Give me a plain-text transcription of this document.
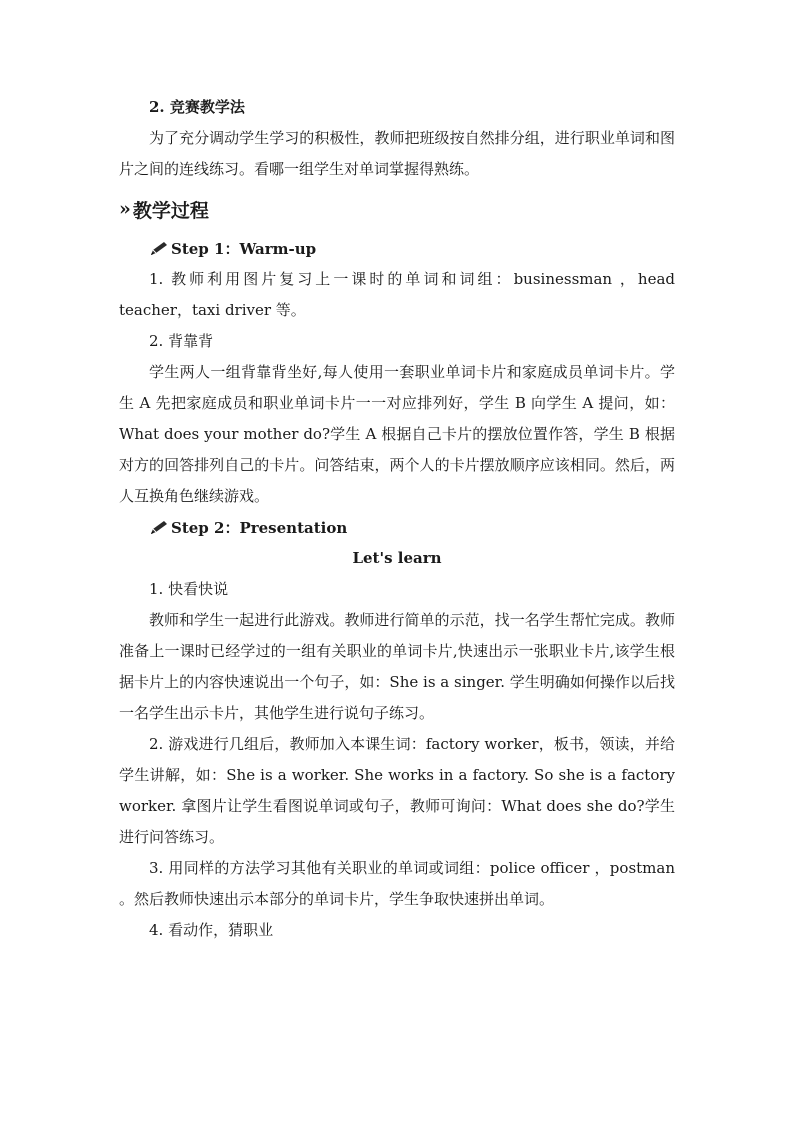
2. 竞赛教学法

为了充分调动学生学习的积极性，教师把班级按自然排分组，进行职业单词和图片之间的连线练习。看哪一组学生对单词掌握得熟练。

» 教学过程
Step 1：Warm-up

1. 教师利用图片复习上一课时的单词和词组：businessman ，head teacher，taxi driver 等。

2. 背靠背

学生两人一组背靠背坐好,每人使用一套职业单词卡片和家庭成员单词卡片。学生 A 先把家庭成员和职业单词卡片一一对应排列好，学生 B 向学生 A 提问，如：What does your mother do?学生 A 根据自己卡片的摆放位置作答，学生 B 根据对方的回答排列自己的卡片。问答结束，两个人的卡片摆放顺序应该相同。然后，两人互换角色继续游戏。

Step 2：Presentation
Let's learn

1. 快看快说

教师和学生一起进行此游戏。教师进行简单的示范，找一名学生帮忙完成。教师准备上一课时已经学过的一组有关职业的单词卡片,快速出示一张职业卡片,该学生根据卡片上的内容快速说出一个句子，如：She is a singer. 学生明确如何操作以后找一名学生出示卡片，其他学生进行说句子练习。

2. 游戏进行几组后，教师加入本课生词：factory worker，板书，领读，并给学生讲解，如：She is a worker. She works in a factory. So she is a factory worker. 拿图片让学生看图说单词或句子，教师可询问：What does she do?学生进行问答练习。

3. 用同样的方法学习其他有关职业的单词或词组：police officer ，postman 。然后教师快速出示本部分的单词卡片，学生争取快速拼出单词。

4. 看动作，猜职业
